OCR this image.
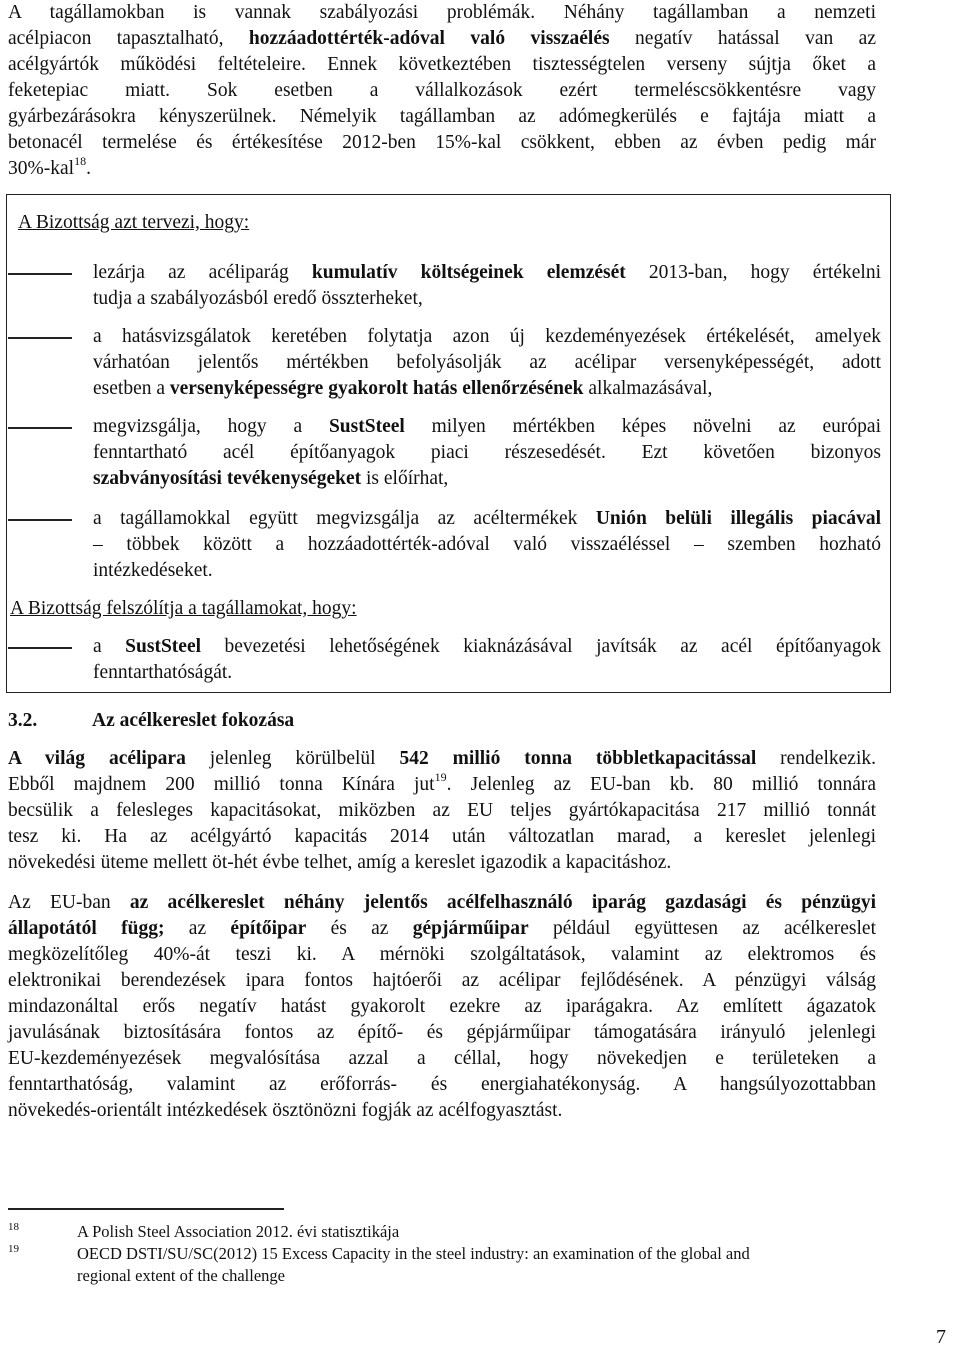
A tagállamokban is vannak szabályozási problémák. Néhány tagállamban a nemzeti
acélpiacon tapasztalható, hozzáadottérték-adóval való visszaélés negatív hatással van az
acélgyártók működési feltételeire. Ennek következtében tisztességtelen verseny sújtja őket a
feketepiac miatt. Sok esetben a vállalkozások ezért termeléscsökkentésre vagy
gyárbezárásokra kényszerülnek. Némelyik tagállamban az adómegkerülés e fajtája miatt a
betonacél termelése és értékesítése 2012-ben 15%-kal csökkent, ebben az évben pedig már
30%-kal$^{18}$.
A Bizottság azt tervezi, hogy:
lezárja az acéliparág kumulatív költségeinek elemzését 2013-ban, hogy értékelni
tudja a szabályozásból eredő összterheket,
a hatásvizsgálatok keretében folytatja azon új kezdeményezések értékelését, amelyek
várhatóan jelentős mértékben befolyásolják az acélipar versenyképességét, adott
esetben a versenyképességre gyakorolt hatás ellenőrzésének alkalmazásával,
megvizsgálja, hogy a SustSteel milyen mértékben képes növelni az európai
fenntartható acél építőanyagok piaci részesedését. Ezt követően bizonyos
szabványosítási tevékenységeket is előírhat,
a tagállamokkal együtt megvizsgálja az acéltermékek Unión belüli illegális piacával
– többek között a hozzáadottérték-adóval való visszaéléssel – szemben hozható
intézkedéseket.
A Bizottság felszólítja a tagállamokat, hogy:
a SustSteel bevezetési lehetőségének kiaknázásával javítsák az acél építőanyagok
fenntarthatóságát.
3.2.	Az acélkereslet fokozása
A világ acélipara jelenleg körülbelül 542 millió tonna többletkapacitással rendelkezik.
Ebből majdnem 200 millió tonna Kínára jut$^{19}$. Jelenleg az EU-ban kb. 80 millió tonnára
becsülik a felesleges kapacitásokat, miközben az EU teljes gyártókapacitása 217 millió tonnát
tesz ki. Ha az acélgyártó kapacitás 2014 után változatlan marad, a kereslet jelenlegi
növekedési üteme mellett öt-hét évbe telhet, amíg a kereslet igazodik a kapacitáshoz.
Az EU-ban az acélkereslet néhány jelentős acélfelhasználó iparág gazdasági és pénzügyi
állapotától függ; az építőipar és az gépjárműipar például együttesen az acélkereslet
megközelítőleg 40%-át teszi ki. A mérnöki szolgáltatások, valamint az elektromos és
elektronikai berendezések ipara fontos hajtóerői az acélipar fejlődésének. A pénzügyi válság
mindazonáltal erős negatív hatást gyakorolt ezekre az iparágakra. Az említett ágazatok
javulásának biztosítására fontos az építő- és gépjárműipar támogatására irányuló jelenlegi
EU-kezdeményezések megvalósítása azzal a céllal, hogy növekedjen e területeken a
fenntarthatóság, valamint az erőforrás- és energiahatékonyság. A hangsúlyozottabban
növekedés-orientált intézkedések ösztönözni fogják az acélfogyasztást.
18	A Polish Steel Association 2012. évi statisztikája
19	OECD DSTI/SU/SC(2012) 15 Excess Capacity in the steel industry: an examination of the global and
regional extent of the challenge
7
